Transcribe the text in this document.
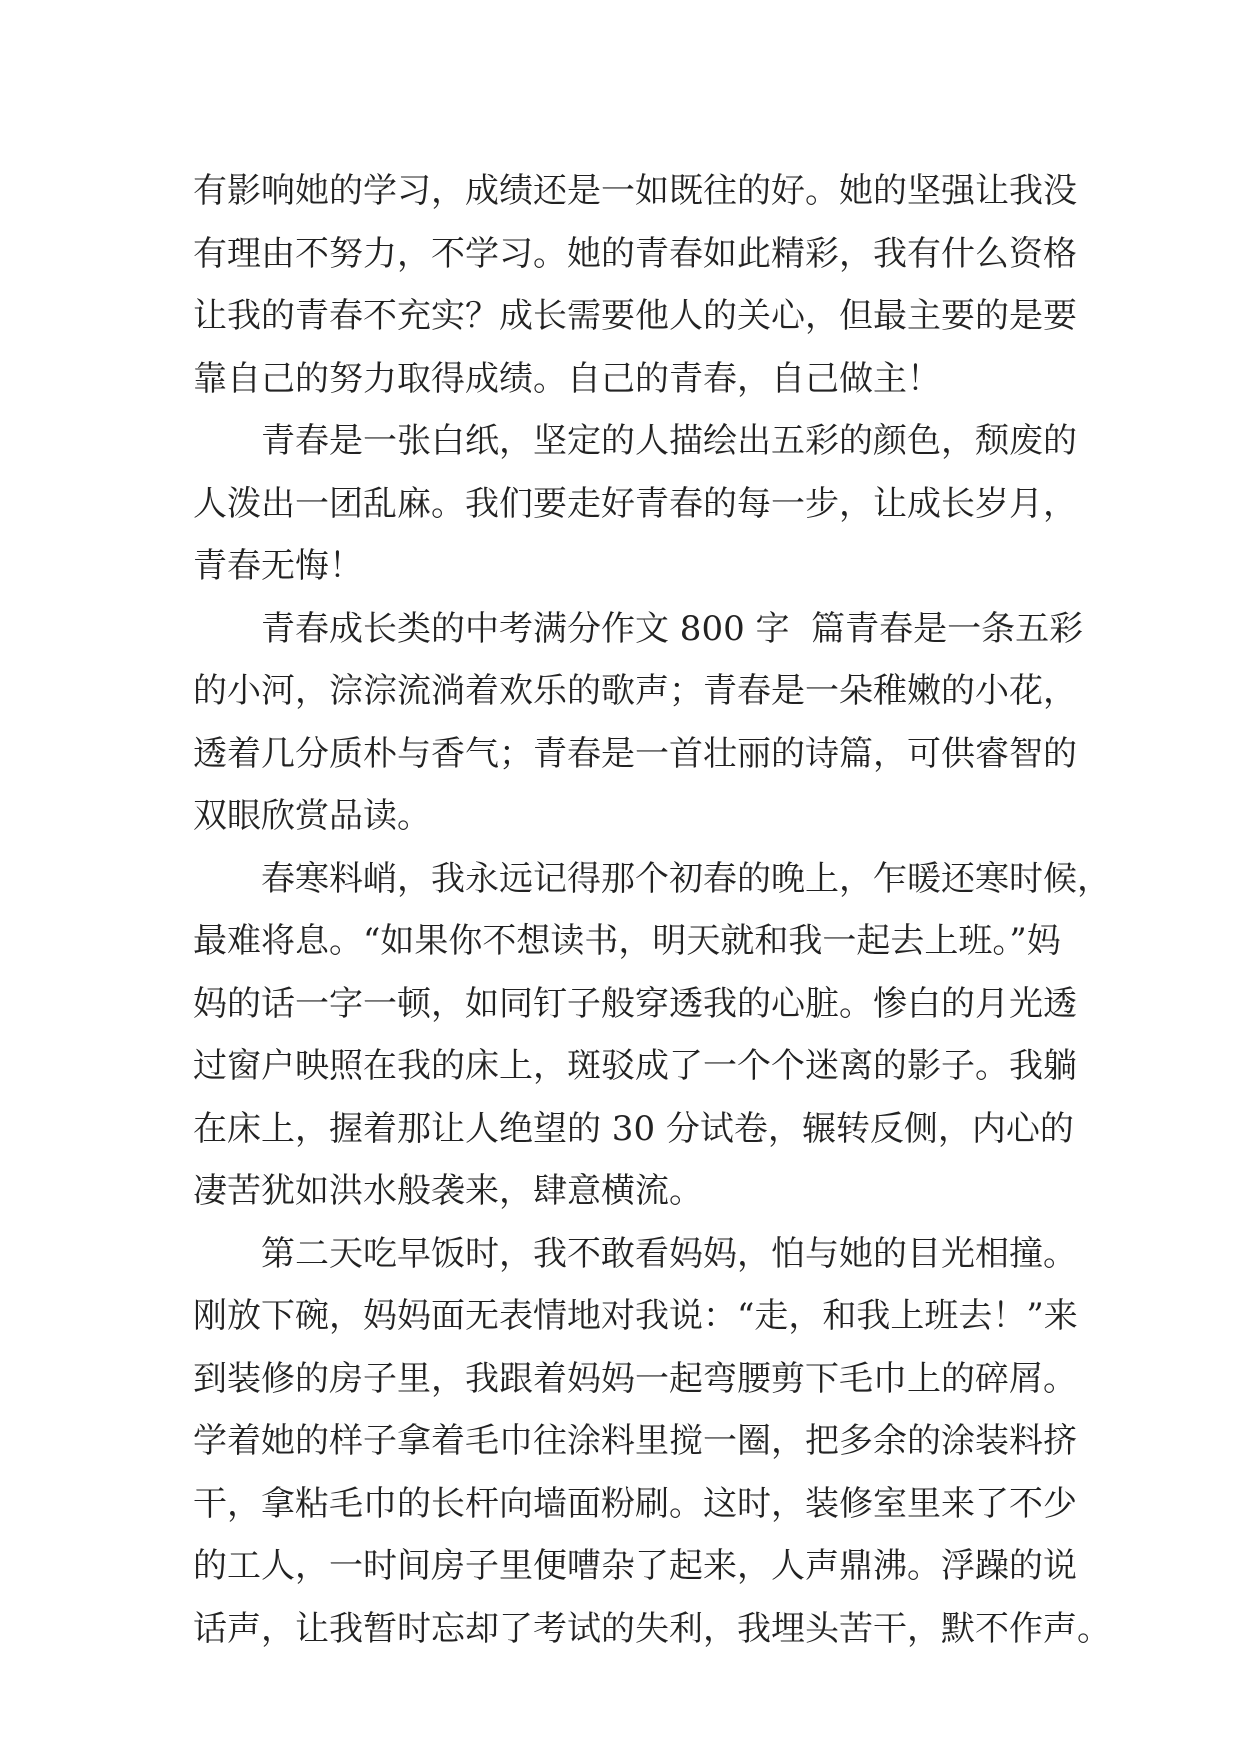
有影响她的学习，成绩还是一如既往的好。她的坚强让我没
有理由不努力，不学习。她的青春如此精彩，我有什么资格
让我的青春不充实？成长需要他人的关心，但最主要的是要
靠自己的努力取得成绩。自己的青春，自己做主！
青春是一张白纸，坚定的人描绘出五彩的颜色，颓废的
人泼出一团乱麻。我们要走好青春的每一步，让成长岁月，
青春无悔！
青春成长类的中考满分作文 800 字  篇青春是一条五彩
的小河，淙淙流淌着欢乐的歌声；青春是一朵稚嫩的小花，
透着几分质朴与香气；青春是一首壮丽的诗篇，可供睿智的
双眼欣赏品读。
春寒料峭，我永远记得那个初春的晚上，乍暖还寒时候，
最难将息。“如果你不想读书，明天就和我一起去上班。”妈
妈的话一字一顿，如同钉子般穿透我的心脏。惨白的月光透
过窗户映照在我的床上，斑驳成了一个个迷离的影子。我躺
在床上，握着那让人绝望的 30 分试卷，辗转反侧，内心的
凄苦犹如洪水般袭来，肆意横流。
第二天吃早饭时，我不敢看妈妈，怕与她的目光相撞。
刚放下碗，妈妈面无表情地对我说：“走，和我上班去！”来
到装修的房子里，我跟着妈妈一起弯腰剪下毛巾上的碎屑。
学着她的样子拿着毛巾往涂料里搅一圈，把多余的涂装料挤
干，拿粘毛巾的长杆向墙面粉刷。这时，装修室里来了不少
的工人，一时间房子里便嘈杂了起来，人声鼎沸。浮躁的说
话声，让我暂时忘却了考试的失利，我埋头苦干，默不作声。
